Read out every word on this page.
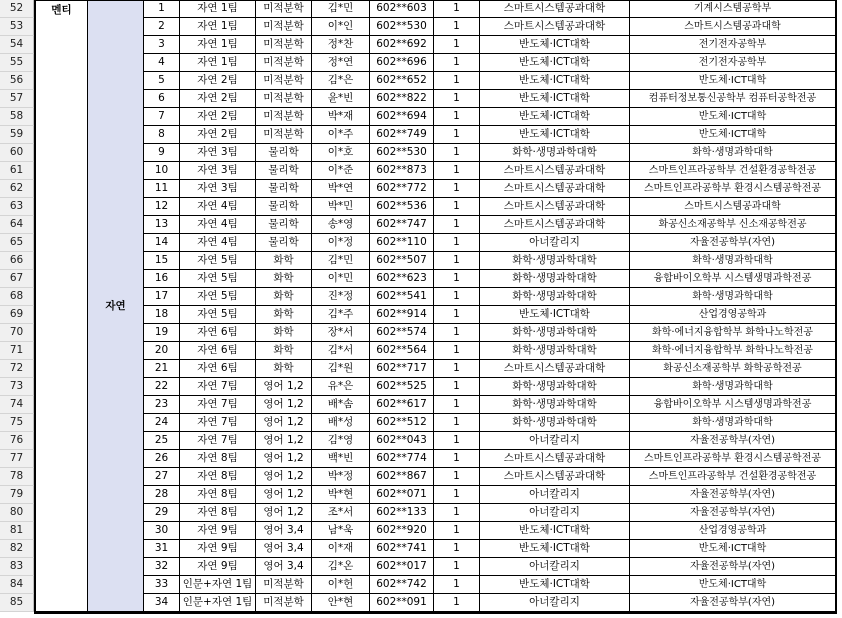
52	1	자연 1팀	미적분학	김*민	602**603	1	스마트시스템공과대학	기계시스템공학부
53	2	자연 1팀	미적분학	이*인	602**530	1	스마트시스템공과대학	스마트시스템공과대학
54	3	자연 1팀	미적분학	정*찬	602**692	1	반도체·ICT대학	전기전자공학부
55	4	자연 1팀	미적분학	정*연	602**696	1	반도체·ICT대학	전기전자공학부
56	5	자연 2팀	미적분학	김*은	602**652	1	반도체·ICT대학	반도체·ICT대학
57	6	자연 2팀	미적분학	윤*빈	602**822	1	반도체·ICT대학	컴퓨터정보통신공학부 컴퓨터공학전공
58	7	자연 2팀	미적분학	박*재	602**694	1	반도체·ICT대학	반도체·ICT대학
59	8	자연 2팀	미적분학	이*주	602**749	1	반도체·ICT대학	반도체·ICT대학
60	9	자연 3팀	물리학	이*호	602**530	1	화학·생명과학대학	화학·생명과학대학
61	10	자연 3팀	물리학	이*준	602**873	1	스마트시스템공과대학	스마트인프라공학부 건설환경공학전공
62	11	자연 3팀	물리학	박*연	602**772	1	스마트시스템공과대학	스마트인프라공학부 환경시스템공학전공
63	12	자연 4팀	물리학	박*민	602**536	1	스마트시스템공과대학	스마트시스템공과대학
64	13	자연 4팀	물리학	송*영	602**747	1	스마트시스템공과대학	화공신소재공학부 신소재공학전공
65	14	자연 4팀	물리학	이*정	602**110	1	아너칼리지	자율전공학부(자연)
66	15	자연 5팀	화학	김*민	602**507	1	화학·생명과학대학	화학·생명과학대학
67	16	자연 5팀	화학	이*민	602**623	1	화학·생명과학대학	융합바이오학부 시스템생명과학전공
68	17	자연 5팀	화학	진*정	602**541	1	화학·생명과학대학	화학·생명과학대학
69	18	자연 5팀	화학	김*주	602**914	1	반도체·ICT대학	산업경영공학과
70	19	자연 6팀	화학	장*서	602**574	1	화학·생명과학대학	화학·에너지융합학부 화학나노학전공
71	20	자연 6팀	화학	김*서	602**564	1	화학·생명과학대학	화학·에너지융합학부 화학나노학전공
72	21	자연 6팀	화학	김*원	602**717	1	스마트시스템공과대학	화공신소재공학부 화학공학전공
73	22	자연 7팀	영어 1,2	유*은	602**525	1	화학·생명과학대학	화학·생명과학대학
74	23	자연 7팀	영어 1,2	배*솜	602**617	1	화학·생명과학대학	융합바이오학부 시스템생명과학전공
75	24	자연 7팀	영어 1,2	배*성	602**512	1	화학·생명과학대학	화학·생명과학대학
76	25	자연 7팀	영어 1,2	김*영	602**043	1	아너칼리지	자율전공학부(자연)
77	26	자연 8팀	영어 1,2	백*빈	602**774	1	스마트시스템공과대학	스마트인프라공학부 환경시스템공학전공
78	27	자연 8팀	영어 1,2	박*정	602**867	1	스마트시스템공과대학	스마트인프라공학부 건설환경공학전공
79	28	자연 8팀	영어 1,2	박*현	602**071	1	아너칼리지	자율전공학부(자연)
80	29	자연 8팀	영어 1,2	조*서	602**133	1	아너칼리지	자율전공학부(자연)
81	30	자연 9팀	영어 3,4	남*욱	602**920	1	반도체·ICT대학	산업경영공학과
82	31	자연 9팀	영어 3,4	이*재	602**741	1	반도체·ICT대학	반도체·ICT대학
83	32	자연 9팀	영어 3,4	김*온	602**017	1	아너칼리지	자율전공학부(자연)
84	33	인문+자연 1팀	미적분학	이*헌	602**742	1	반도체·ICT대학	반도체·ICT대학
85	34	인문+자연 1팀	미적분학	안*현	602**091	1	아너칼리지	자율전공학부(자연)
멘티
자연
